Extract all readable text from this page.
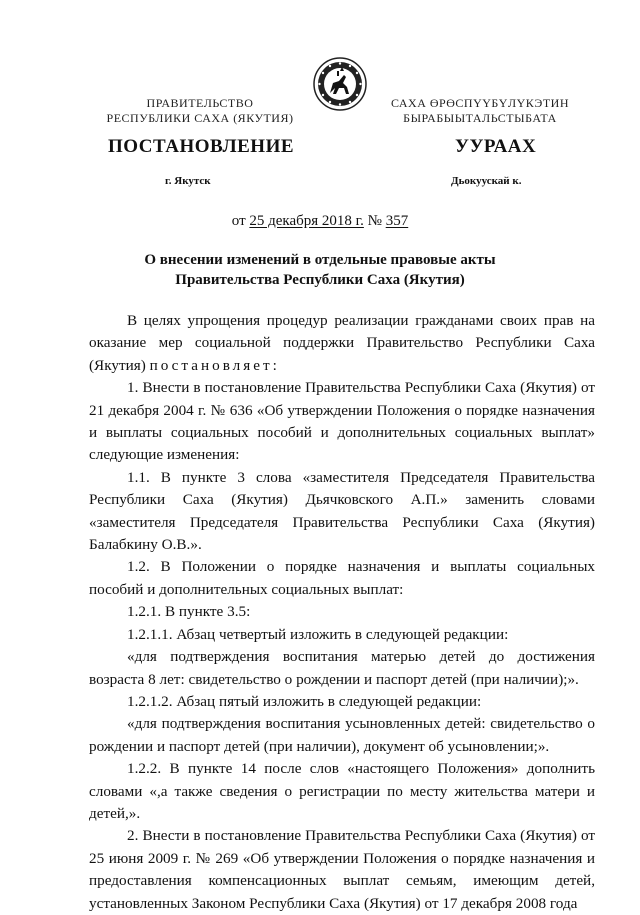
ПРАВИТЕЛЬСТВО
РЕСПУБЛИКИ САХА (ЯКУТИЯ)
САХА ӨРӨСПҮҮБҮЛҮКЭТИН
БЫРАБЫЫТАЛЬСТЫБАТА
ПОСТАНОВЛЕНИЕ	УУРААХ
г. Якутск	Дьокуускай к.
от 25 декабря 2018 г. № 357
О внесении изменений в отдельные правовые акты
Правительства Республики Саха (Якутия)

В целях упрощения процедур реализации гражданами своих прав на оказание мер социальной поддержки Правительство Республики Саха (Якутия) постановляет:

1. Внести в постановление Правительства Республики Саха (Якутия) от 21 декабря 2004 г. № 636 «Об утверждении Положения о порядке назначения и выплаты социальных пособий и дополнительных социальных выплат» следующие изменения:

1.1. В пункте 3 слова «заместителя Председателя Правительства Республики Саха (Якутия) Дьячковского А.П.» заменить словами «заместителя Председателя Правительства Республики Саха (Якутия) Балабкину О.В.».

1.2. В Положении о порядке назначения и выплаты социальных пособий и дополнительных социальных выплат:

1.2.1. В пункте 3.5:

1.2.1.1. Абзац четвертый изложить в следующей редакции:

«для подтверждения воспитания матерью детей до достижения возраста 8 лет: свидетельство о рождении и паспорт детей (при наличии);».

1.2.1.2. Абзац пятый изложить в следующей редакции:

«для подтверждения воспитания усыновленных детей: свидетельство о рождении и паспорт детей (при наличии), документ об усыновлении;».

1.2.2. В пункте 14 после слов «настоящего Положения» дополнить словами «,а также сведения о регистрации по месту жительства матери и детей,».

2. Внести в постановление Правительства Республики Саха (Якутия) от 25 июня 2009 г. № 269 «Об утверждении Положения о порядке назначения и предоставления компенсационных выплат семьям, имеющим детей, установленных Законом Республики Саха (Якутия) от 17 декабря 2008 года
